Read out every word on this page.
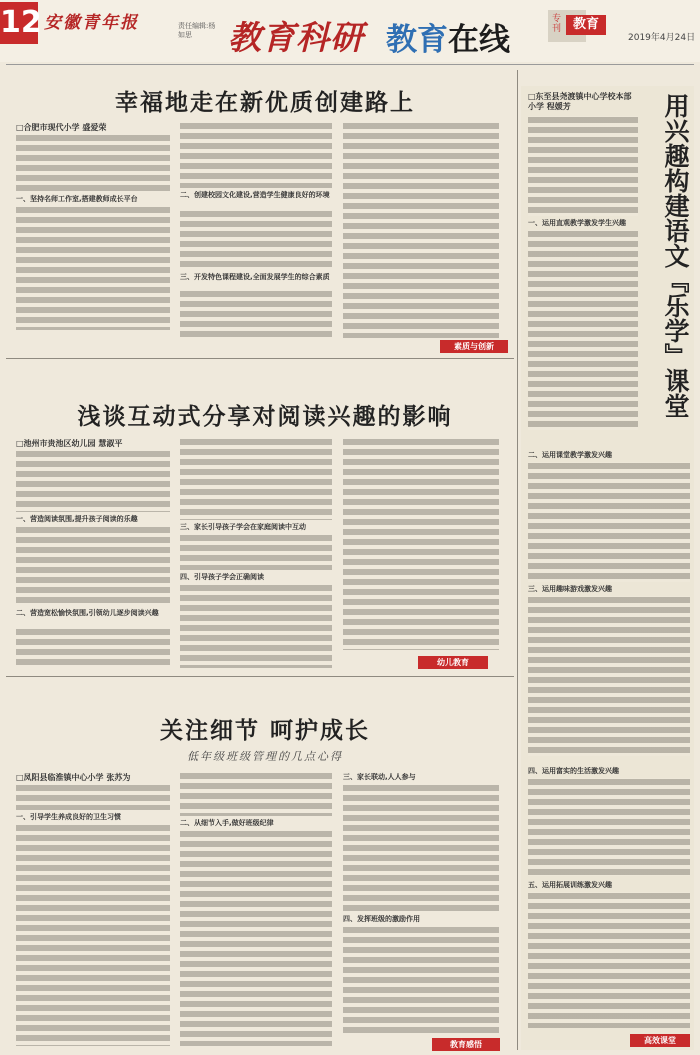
12 安徽青年报	责任编辑:杨如思	教育科研 教育在线
专刊 教育
2019年4月24日
幸福地走在新优质创建路上
□合肥市现代小学 盛爱荣
一、坚持名师工作室,搭建教师成长平台	二、创建校园文化建设,营造学生健康良好的环境
三、开发特色课程建设,全面发展学生的综合素质
素质与创新
浅谈互动式分享对阅读兴趣的影响
□池州市贵池区幼儿园 慧淑平
一、营造阅读氛围,提升孩子阅读的乐趣
二、营造宽松愉快氛围,引领幼儿逐步阅读兴趣
三、家长引导孩子学会在家庭阅读中互动
四、引导孩子学会正确阅读
幼儿教育
关注细节 呵护成长
低年级班级管理的几点心得
□凤阳县临淮镇中心小学 张苏为
一、引导学生养成良好的卫生习惯
二、从细节入手,做好班级纪律
三、家长联动,人人参与
四、发挥班级的激励作用
教育感悟
用兴趣构建语文『乐学』课堂
□东至县尧渡镇中心学校本部小学 程媛芳
一、运用直观教学激发学生兴趣
二、运用课堂教学激发兴趣
三、运用趣味游戏激发兴趣
四、运用富实的生活激发兴趣
五、运用拓展训练激发兴趣
高效课堂
